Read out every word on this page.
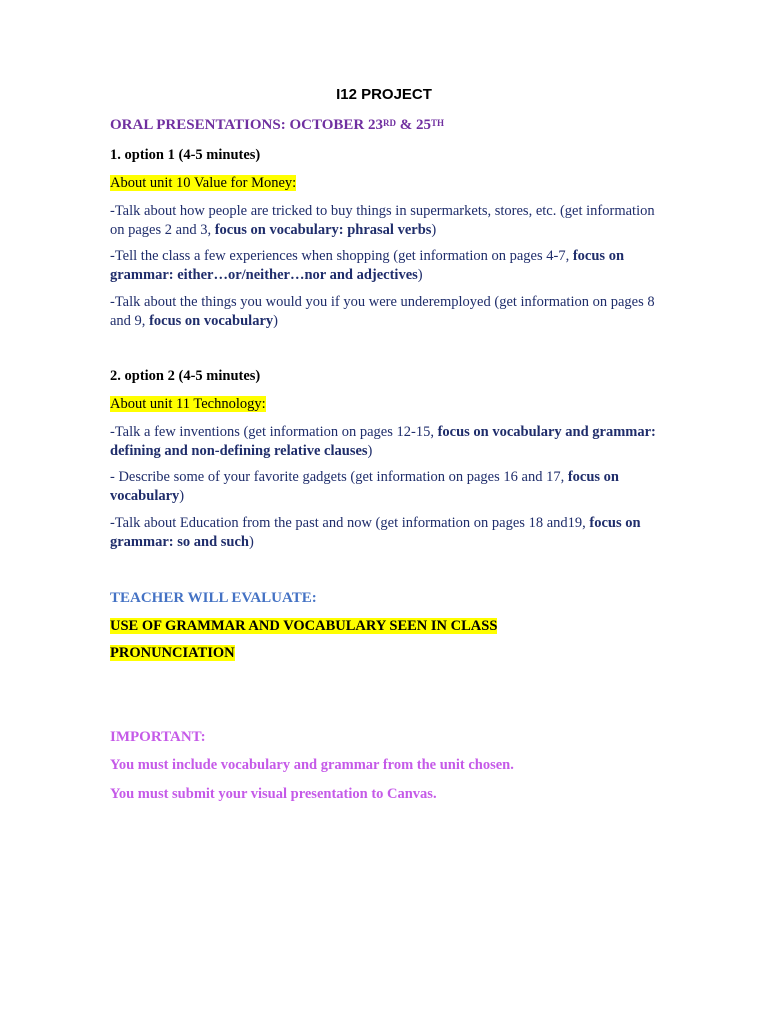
I12 PROJECT
ORAL PRESENTATIONS: OCTOBER 23RD & 25TH
1. option 1 (4-5 minutes)
About unit 10 Value for Money:
-Talk about how people are tricked to buy things in supermarkets, stores, etc. (get information on pages 2 and 3, focus on vocabulary: phrasal verbs)
-Tell the class a few experiences when shopping (get information on pages 4-7, focus on grammar: either…or/neither…nor and adjectives)
-Talk about the things you would you if you were underemployed (get information on pages 8 and 9, focus on vocabulary)
2. option 2 (4-5 minutes)
About unit 11 Technology:
-Talk a few inventions (get information on pages 12-15, focus on vocabulary and grammar: defining and non-defining relative clauses)
- Describe some of your favorite gadgets (get information on pages 16 and 17, focus on vocabulary)
-Talk about Education from the past and now (get information on pages 18 and19, focus on grammar: so and such)
TEACHER WILL EVALUATE:
USE OF GRAMMAR AND VOCABULARY SEEN IN CLASS
PRONUNCIATION
IMPORTANT:
You must include vocabulary and grammar from the unit chosen.
You must submit your visual presentation to Canvas.
